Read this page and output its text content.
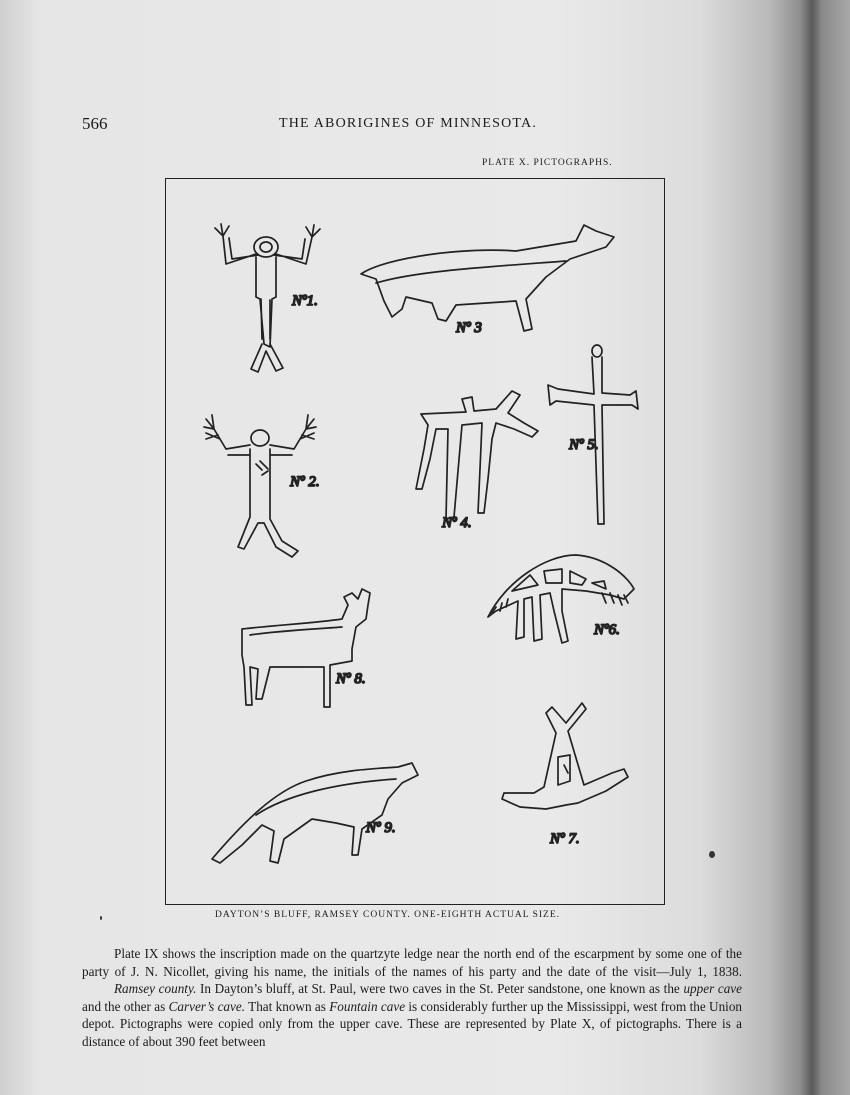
566	THE ABORIGINES OF MINNESOTA.
PLATE X. PICTOGRAPHS.
Nº1.
Nº 2.
Nº 3
Nº 4.
Nº 5.
Nº6.
Nº 8.
Nº 9.
Nº 7.
DAYTON’S BLUFF, RAMSEY COUNTY. ONE-EIGHTH ACTUAL SIZE.

Plate IX shows the inscription made on the quartzyte ledge near the north end of the escarpment by some one of the party of J. N. Nicollet, giving his name, the initials of the names of his party and the date of the visit—July 1, 1838.

Ramsey county. In Dayton’s bluff, at St. Paul, were two caves in the St. Peter sandstone, one known as the upper cave and the other as Carver’s cave. That known as Fountain cave is considerably further up the Mississippi, west from the Union depot. Pictographs were copied only from the upper cave. These are represented by Plate X, of pictographs. There is a distance of about 390 feet between
